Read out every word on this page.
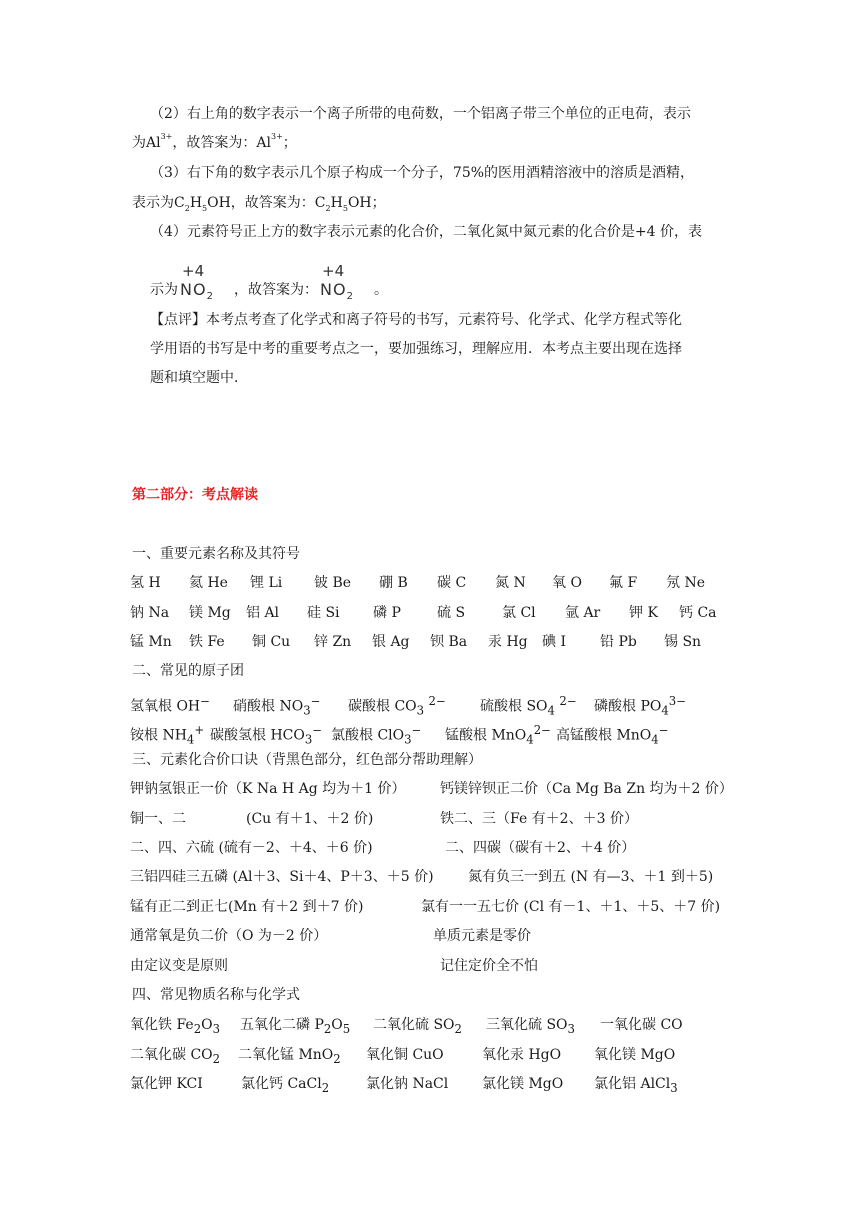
（2）右上角的数字表示一个离子所带的电荷数，一个铝离子带三个单位的正电荷，表示
为$Al^{3+}$，故答案为：$Al^{3+}$；
（3）右下角的数字表示几个原子构成一个分子，75%的医用酒精溶液中的溶质是酒精，
表示为$C_2H_5OH$，故答案为：$C_2H_5OH$；
（4）元素符号正上方的数字表示元素的化合价，二氧化氮中氮元素的化合价是+4 价，表
示为
+4
$NO_2$ ，故答案为：
+4
$NO_2$ 。
【点评】本考点考查了化学式和离子符号的书写，元素符号、化学式、化学方程式等化
学用语的书写是中考的重要考点之一，要加强练习，理解应用．本考点主要出现在选择
题和填空题中．
第二部分：考点解读
一、重要元素名称及其符号
氢 H 氦 He 锂 Li 铍 Be 硼 B 碳 C 氮 N 氧 O 氟 F 氖 Ne
钠 Na 镁 Mg 铝 Al 硅 Si 磷 P	硫 S	氯 Cl 氩 Ar 钾 K 钙 Ca
锰 Mn 铁 Fe 铜 Cu 锌 Zn 银 Ag 钡 Ba 汞 Hg 碘 I 铅 Pb 锡 Sn
二、常见的原子团
氢氧根 OH− 硝酸根 $NO_3^-$ 碳酸根 $CO_3$ $^{2-}$ 硫酸根 $SO_4$ $^{2-}$ 磷酸根 $PO_4^{3-}$
铵根 $NH_4^+$ 碳酸氢根 $HCO_3^-$ 氯酸根 ClO$_3$− 锰酸根 MnO$_4^{2-}$ 高锰酸根 MnO$_4$−
三、元素化合价口诀（背黑色部分，红色部分帮助理解）
钾钠氢银正一价（K Na H Ag 均为＋1 价） 钙镁锌钡正二价（Ca Mg Ba Zn 均为＋2 价）
铜一、二	(Cu 有＋1、＋2 价)	铁二、三（Fe 有＋2、＋3 价）
二、四、六硫 (硫有－2、＋4、＋6 价)	二、四碳（碳有＋2、＋4 价）
三铝四硅三五磷 (Al＋3、Si＋4、P＋3、＋5 价) 氮有负三一到五 (N 有—3、＋1 到＋5)
锰有正二到正七(Mn 有＋2 到＋7 价)	氯有一一五七价 (Cl 有－1、＋1、＋5、＋7 价)
通常氧是负二价（O 为－2 价）	单质元素是零价
由定议变是原则	记住定价全不怕
四、常见物质名称与化学式
氧化铁 $Fe_2O_3$ 五氧化二磷 $P_2O_5$ 二氧化硫 $SO_2$ 三氧化硫 $SO_3$ 一氧化碳 CO
二氧化碳 $CO_2$ 二氧化锰 MnO$_2$ 氧化铜 CuO	氧化汞 HgO 氧化镁 MgO
氯化钾 KCI	氯化钙 CaCl$_2$	氯化钠 NaCl 氯化镁 MgO 氯化铝 AlCl$_3$
